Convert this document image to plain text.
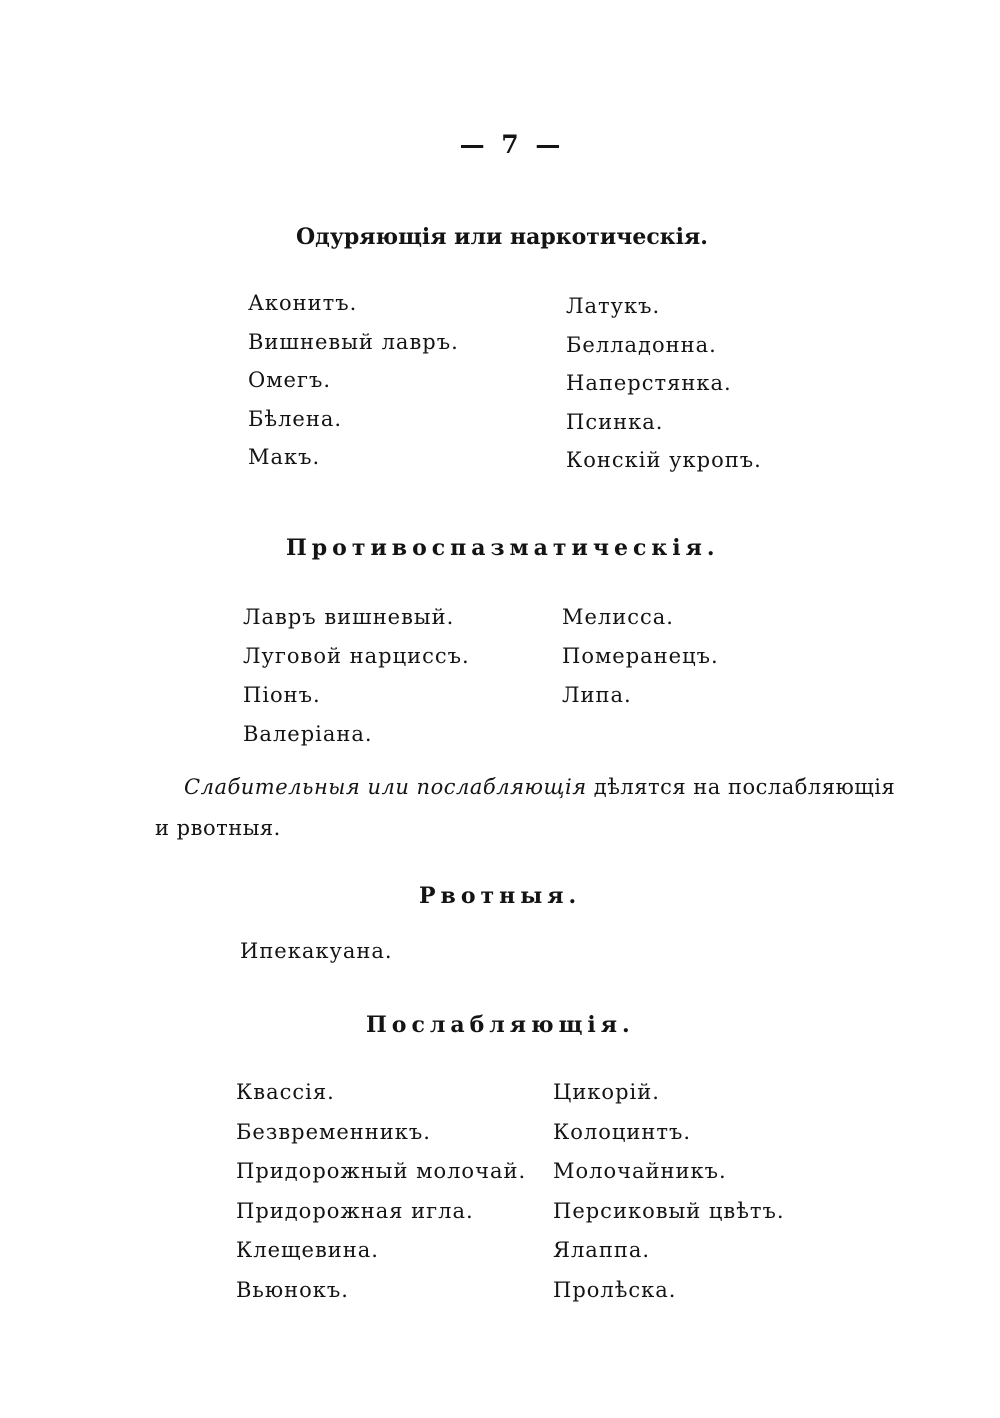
— 7 —
Одуряющія или наркотическія.
Аконитъ.
Вишневый лавръ.
Омегъ.
Бѣлена.
Макъ.
Латукъ.
Белладонна.
Наперстянка.
Псинка.
Конскій укропъ.
Противоспазматическія.
Лавръ вишневый.
Луговой нарциссъ.
Піонъ.
Валеріана.
Мелисса.
Померанецъ.
Липа.
Слабительныя или послабляющія дѣлятся на послабляющія
и рвотныя.
Рвотныя.
Ипекакуана.
Послабляющія.
Квассія.
Безвременникъ.
Придорожный молочай.
Придорожная игла.
Клещевина.
Вьюнокъ.
Цикорій.
Колоцинтъ.
Молочайникъ.
Персиковый цвѣтъ.
Ялаппа.
Пролѣска.
